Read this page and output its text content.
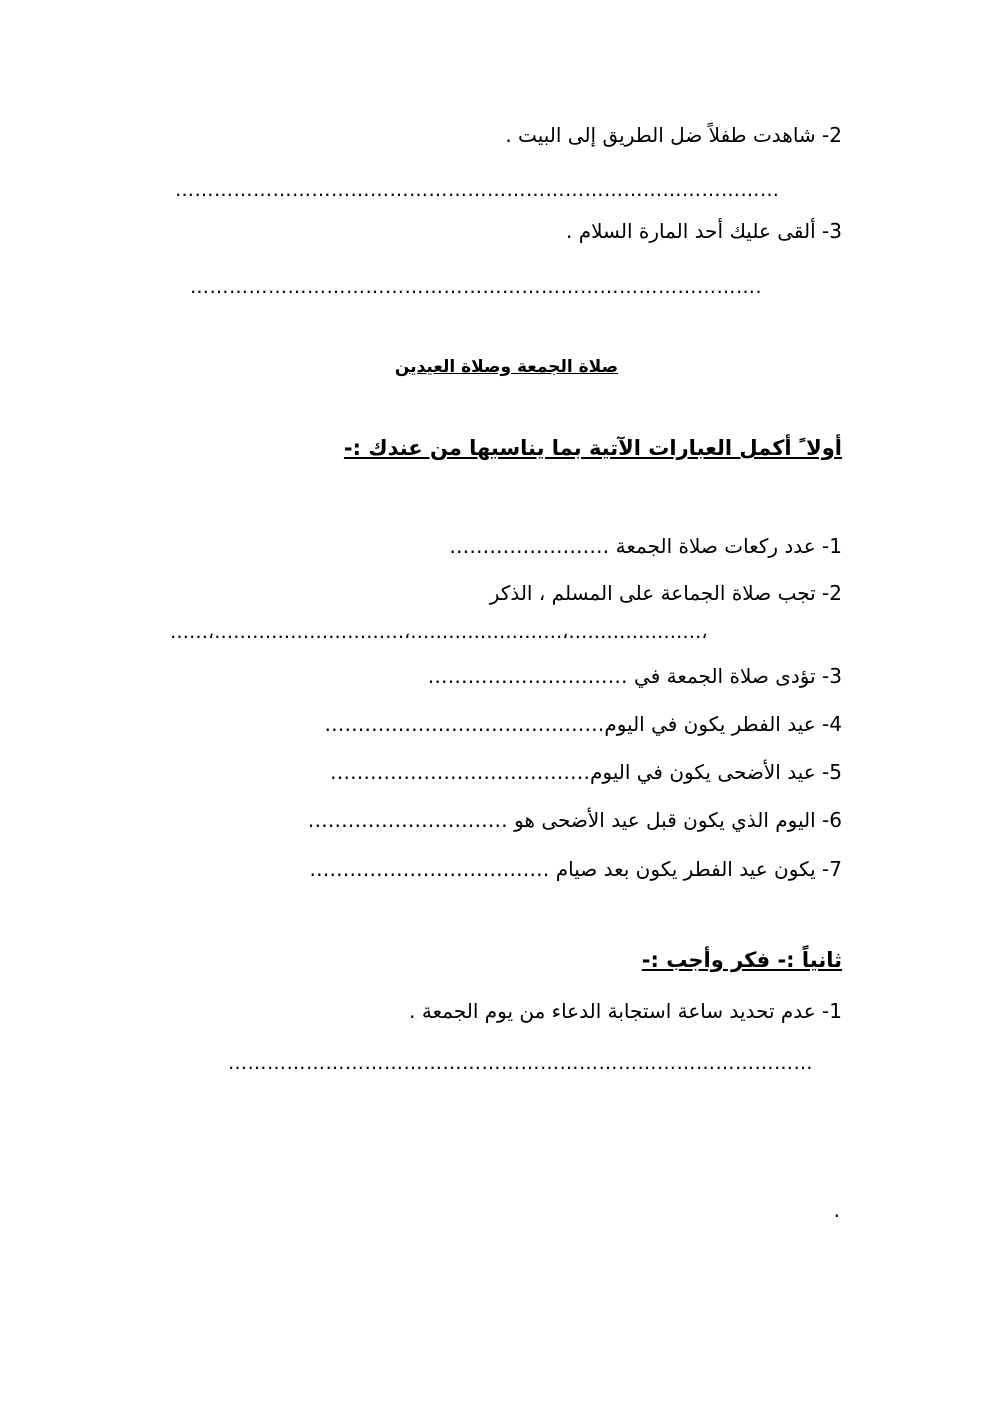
2- شاهدت طفلاً ضل الطريق إلى البيت .
…………………………………………………………………………………
3- ألقى عليك أحد المارة السلام .
…………………………………………………………………………….
صلاة الجمعة وصلاة العيدين
أولا ً أكمل العبارات الآتية بما يناسبها من عندك :-
1- عدد ركعات صلاة الجمعة ……………………
2- تجب صلاة الجماعة على المسلم ، الذكر
……،…………………………،……………………،…………………،
3- تؤدى صلاة الجمعة في …………………………
4- عيد الفطر يكون في اليوم……………………………………
5- عيد الأضحى يكون في اليوم…………………………………
6- اليوم الذي يكون قبل عيد الأضحى هو …………………………
7- يكون عيد الفطر يكون بعد صيام ………………………………
ثانياً :- فكر وأجب :-
1- عدم تحديد ساعة استجابة الدعاء من يوم الجمعة .
………………………………………………………………………………
.
